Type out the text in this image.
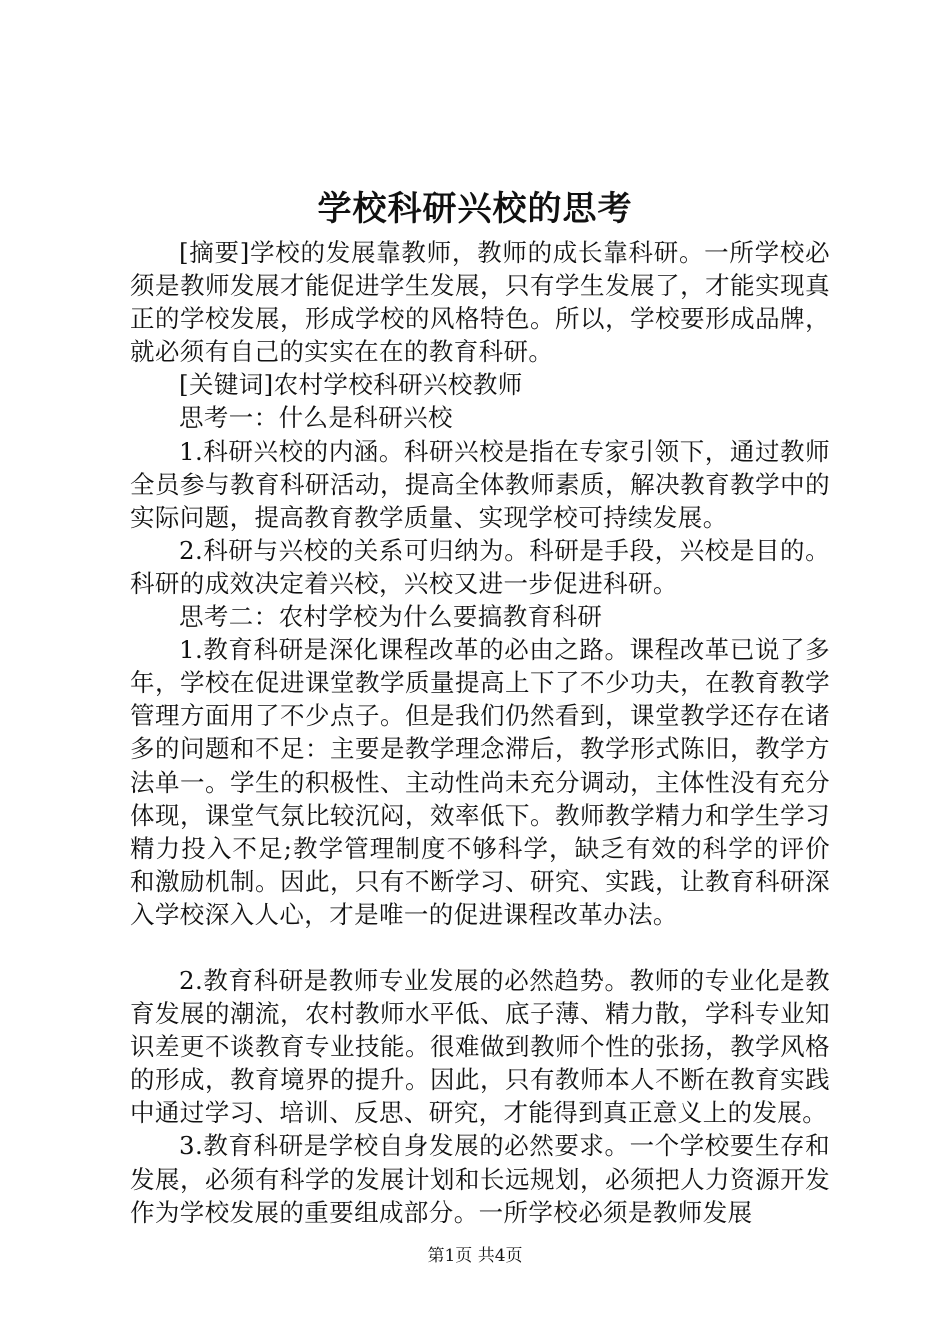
学校科研兴校的思考

[摘要]学校的发展靠教师，教师的成长靠科研。一所学校必须是教师发展才能促进学生发展，只有学生发展了，才能实现真正的学校发展，形成学校的风格特色。所以，学校要形成品牌，就必须有自己的实实在在的教育科研。

[关键词]农村学校科研兴校教师

思考一：什么是科研兴校

1.科研兴校的内涵。科研兴校是指在专家引领下，通过教师全员参与教育科研活动，提高全体教师素质，解决教育教学中的实际问题，提高教育教学质量、实现学校可持续发展。

2.科研与兴校的关系可归纳为。科研是手段，兴校是目的。科研的成效决定着兴校，兴校又进一步促进科研。

思考二：农村学校为什么要搞教育科研

1.教育科研是深化课程改革的必由之路。课程改革已说了多年，学校在促进课堂教学质量提高上下了不少功夫，在教育教学管理方面用了不少点子。但是我们仍然看到，课堂教学还存在诸多的问题和不足：主要是教学理念滞后，教学形式陈旧，教学方法单一。学生的积极性、主动性尚未充分调动，主体性没有充分体现，课堂气氛比较沉闷，效率低下。教师教学精力和学生学习精力投入不足;教学管理制度不够科学，缺乏有效的科学的评价和激励机制。因此，只有不断学习、研究、实践，让教育科研深入学校深入人心，才是唯一的促进课程改革办法。

2.教育科研是教师专业发展的必然趋势。教师的专业化是教育发展的潮流，农村教师水平低、底子薄、精力散，学科专业知识差更不谈教育专业技能。很难做到教师个性的张扬，教学风格的形成，教育境界的提升。因此，只有教师本人不断在教育实践中通过学习、培训、反思、研究，才能得到真正意义上的发展。

3.教育科研是学校自身发展的必然要求。一个学校要生存和发展，必须有科学的发展计划和长远规划，必须把人力资源开发作为学校发展的重要组成部分。一所学校必须是教师发展

第1页 共4页
